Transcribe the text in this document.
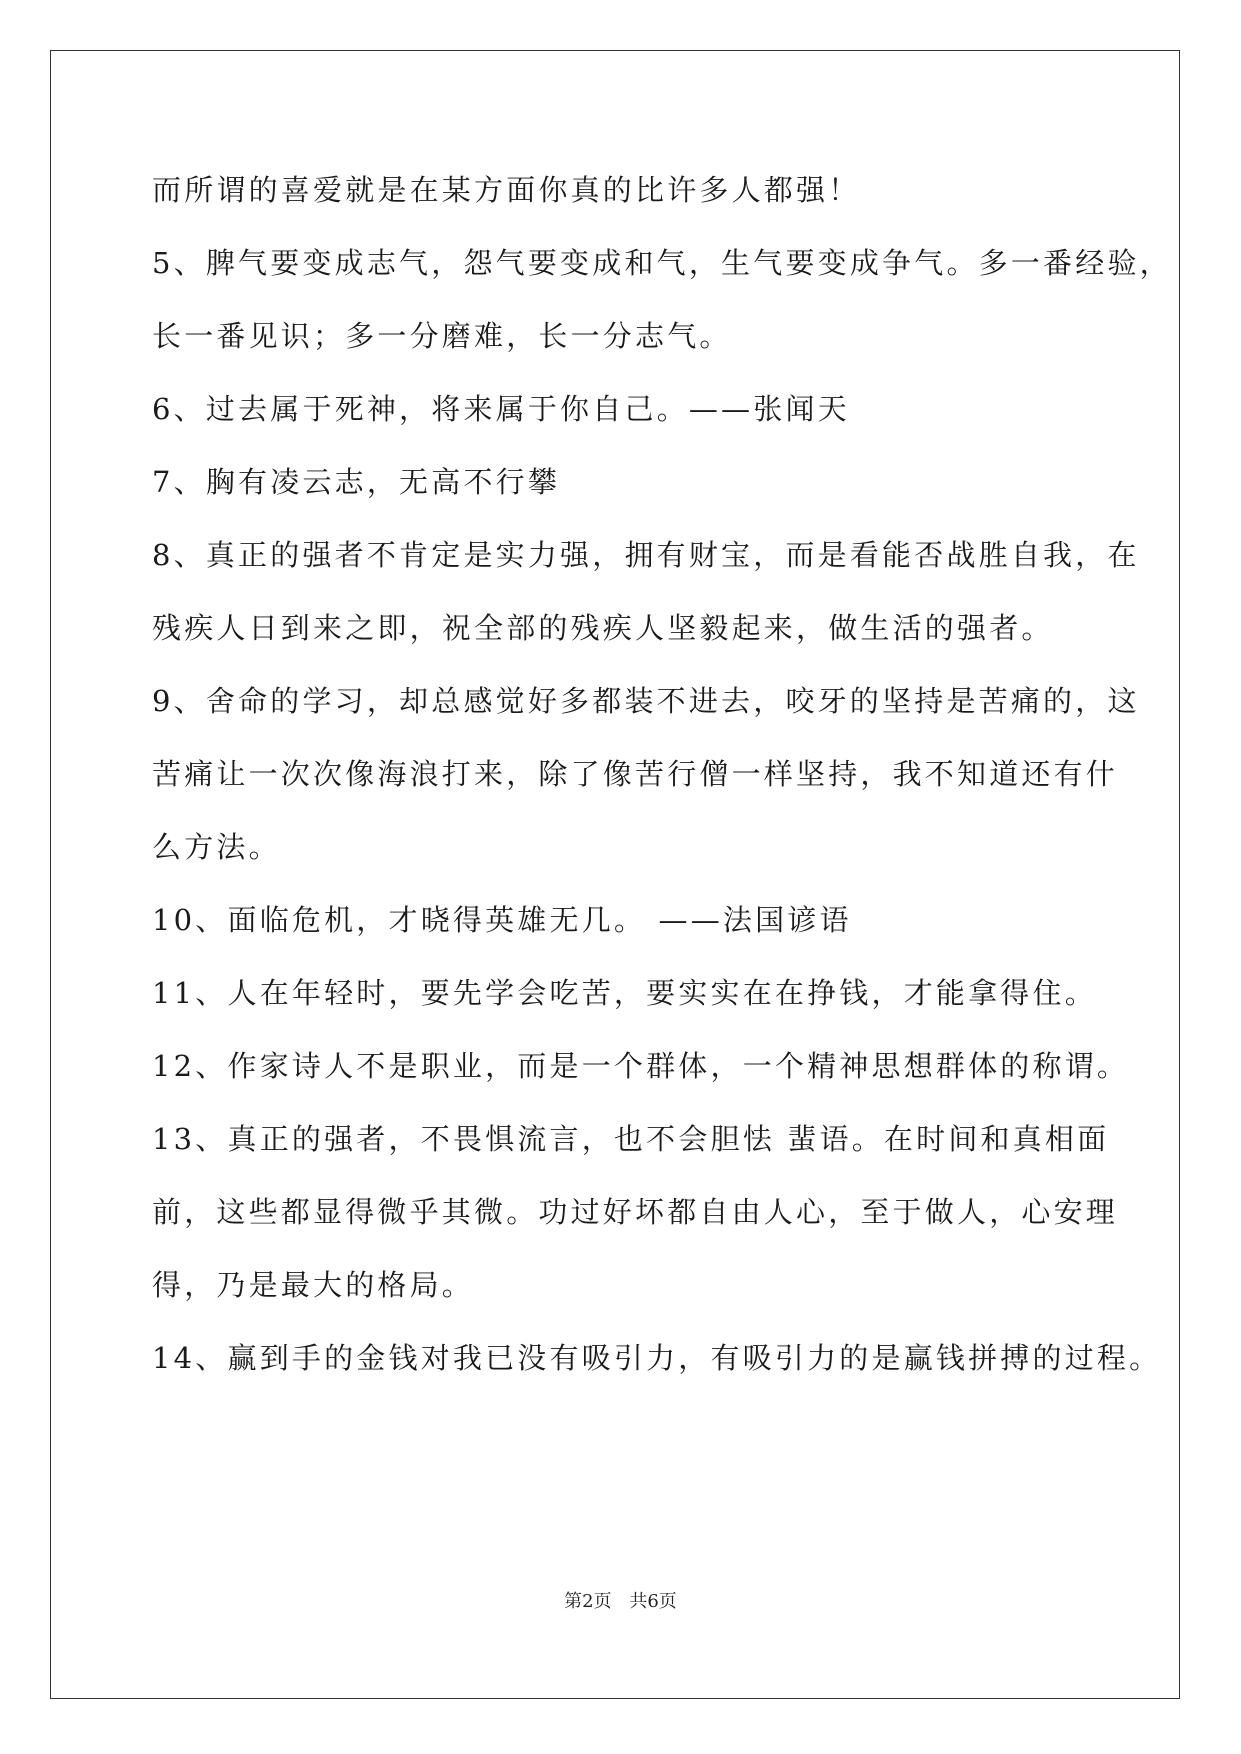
而所谓的喜爱就是在某方面你真的比许多人都强！
5、脾气要变成志气，怨气要变成和气，生气要变成争气。多一番经验，
长一番见识；多一分磨难，长一分志气。
6、过去属于死神，将来属于你自己。——张闻天
7、胸有凌云志，无高不行攀
8、真正的强者不肯定是实力强，拥有财宝，而是看能否战胜自我，在
残疾人日到来之即，祝全部的残疾人坚毅起来，做生活的强者。
9、舍命的学习，却总感觉好多都装不进去，咬牙的坚持是苦痛的，这
苦痛让一次次像海浪打来，除了像苦行僧一样坚持，我不知道还有什
么方法。
10、面临危机，才晓得英雄无几。 ——法国谚语
11、人在年轻时，要先学会吃苦，要实实在在挣钱，才能拿得住。
12、作家诗人不是职业，而是一个群体，一个精神思想群体的称谓。
13、真正的强者，不畏惧流言，也不会胆怯 蜚语。在时间和真相面
前，这些都显得微乎其微。功过好坏都自由人心，至于做人，心安理
得，乃是最大的格局。
14、赢到手的金钱对我已没有吸引力，有吸引力的是赢钱拼搏的过程。
第2页 共6页
